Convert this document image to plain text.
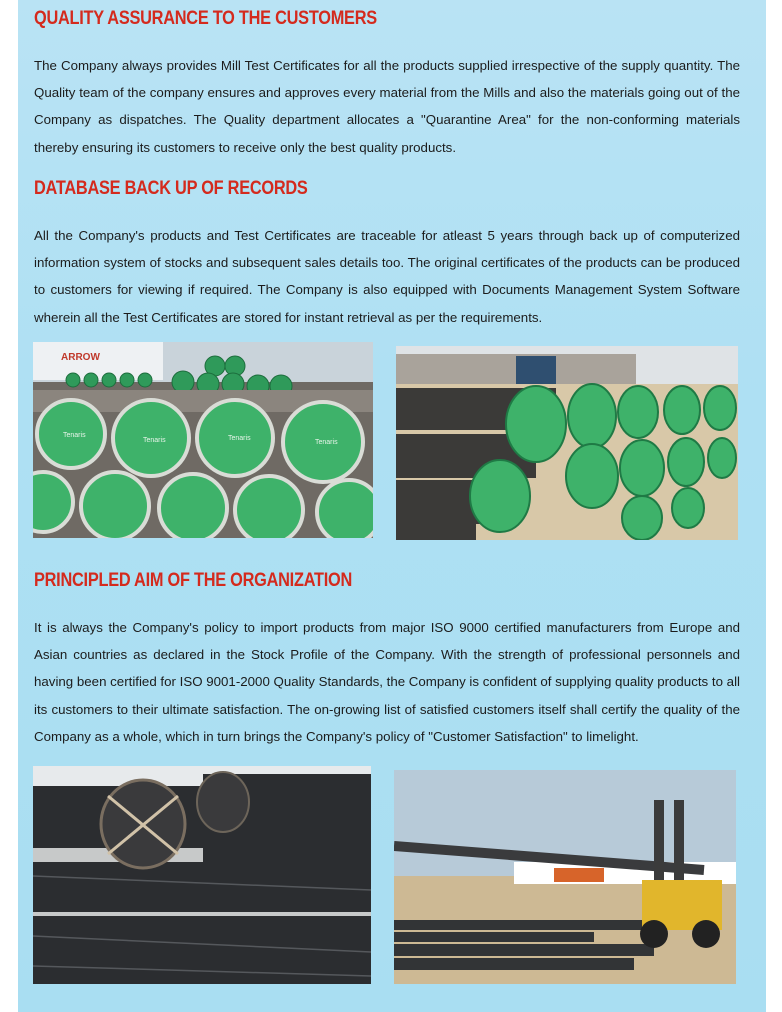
QUALITY ASSURANCE TO THE CUSTOMERS

The Company always provides Mill Test Certificates for all the products supplied irrespective of the supply quantity. The Quality team of the company ensures and approves every material from the Mills and also the materials going out of the Company as dispatches. The Quality department allocates a "Quarantine Area" for the non-conforming materials thereby ensuring its customers to receive only the best quality products.

DATABASE BACK UP OF RECORDS

All the Company's products and Test Certificates are traceable for atleast 5 years through back up of computerized information system of stocks and subsequent sales details too. The original certificates of the products can be produced to customers for viewing if required. The Company is also equipped with Documents Management System Software wherein all the Test Certificates are stored for instant retrieval as per the requirements.

ARROW
Tenaris
Tenaris	Tenaris
Tenaris
PRINCIPLED AIM OF THE ORGANIZATION

It is always the Company's policy to import products from major ISO 9000 certified manufacturers from Europe and Asian countries as declared in the Stock Profile of the Company. With the strength of professional personnels and having been certified for ISO 9001-2000 Quality Standards, the Company is confident of supplying quality products to all its customers to their ultimate satisfaction. The on-growing list of satisfied customers itself shall certify the quality of the Company as a whole, which in turn brings the Company's policy of "Customer Satisfaction" to limelight.
